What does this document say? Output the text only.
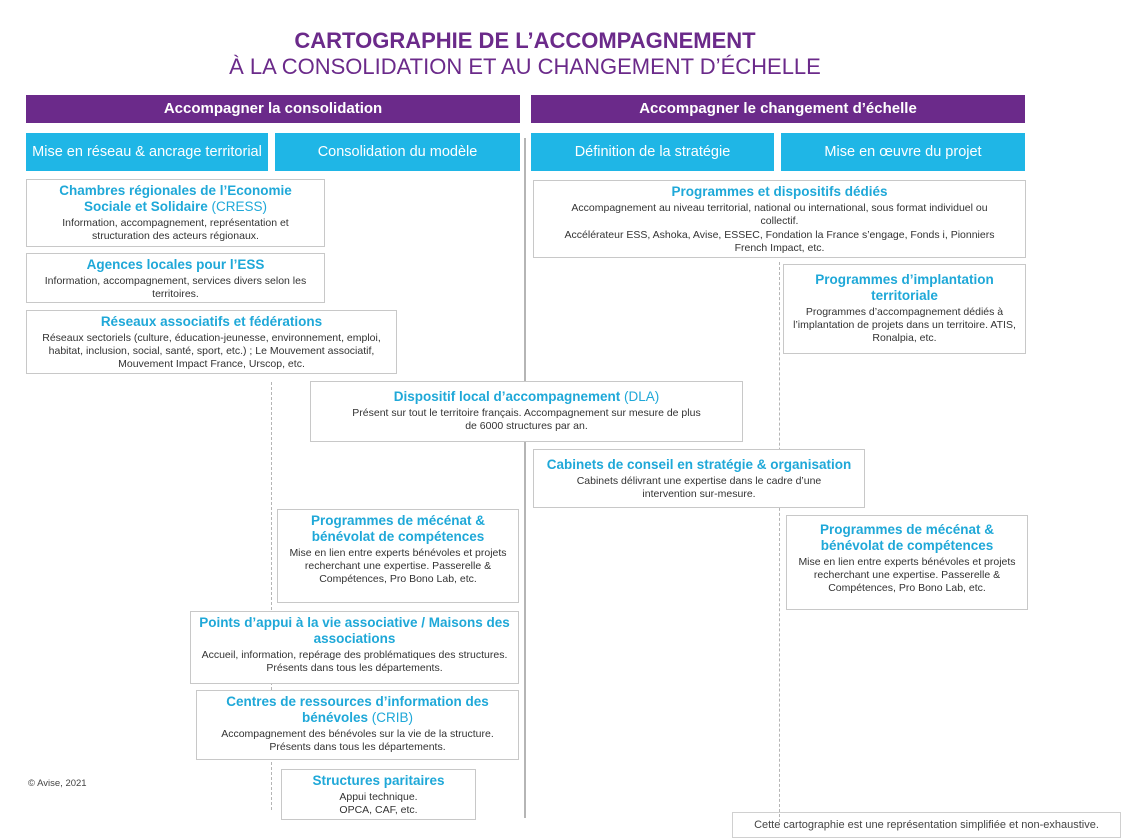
CARTOGRAPHIE DE L’ACCOMPAGNEMENT
À LA CONSOLIDATION ET AU CHANGEMENT D’ÉCHELLE
Accompagner la consolidation	Accompagner le changement d’échelle
Mise en réseau & ancrage territorial	Consolidation du modèle	Définition de la stratégie	Mise en œuvre du projet
Chambres régionales de l’Economie Sociale et Solidaire (CRESS)
Information, accompagnement, représentation et structuration des acteurs régionaux.
Agences locales pour l’ESS
Information, accompagnement, services divers selon les territoires.
Réseaux associatifs et fédérations
Réseaux sectoriels (culture, éducation-jeunesse, environnement, emploi, habitat, inclusion, social, santé, sport, etc.) ; Le Mouvement associatif, Mouvement Impact France, Urscop, etc.
Dispositif local d’accompagnement (DLA)
Présent sur tout le territoire français. Accompagnement sur mesure de plus de 6000 structures par an.
Programmes de mécénat & bénévolat de compétences
Mise en lien entre experts bénévoles et projets recherchant une expertise. Passerelle & Compétences, Pro Bono Lab, etc.
Points d’appui à la vie associative / Maisons des associations
Accueil, information, repérage des problématiques des structures. Présents dans tous les départements.
Centres de ressources d’information des bénévoles (CRIB)
Accompagnement des bénévoles sur la vie de la structure. Présents dans tous les départements.
Structures paritaires
Appui technique. OPCA, CAF, etc.
Programmes et dispositifs dédiés
Accompagnement au niveau territorial, national ou international, sous format individuel ou collectif.
Accélérateur ESS, Ashoka, Avise, ESSEC, Fondation la France s’engage, Fonds i, Pionniers French Impact, etc.
Programmes d’implantation territoriale
Programmes d’accompagnement dédiés à l’implantation de projets dans un territoire. ATIS, Ronalpia, etc.
Cabinets de conseil en stratégie & organisation
Cabinets délivrant une expertise dans le cadre d’une intervention sur-mesure.
Programmes de mécénat & bénévolat de compétences
Mise en lien entre experts bénévoles et projets recherchant une expertise. Passerelle & Compétences, Pro Bono Lab, etc.
© Avise, 2021
Cette cartographie est une représentation simplifiée et non-exhaustive.
